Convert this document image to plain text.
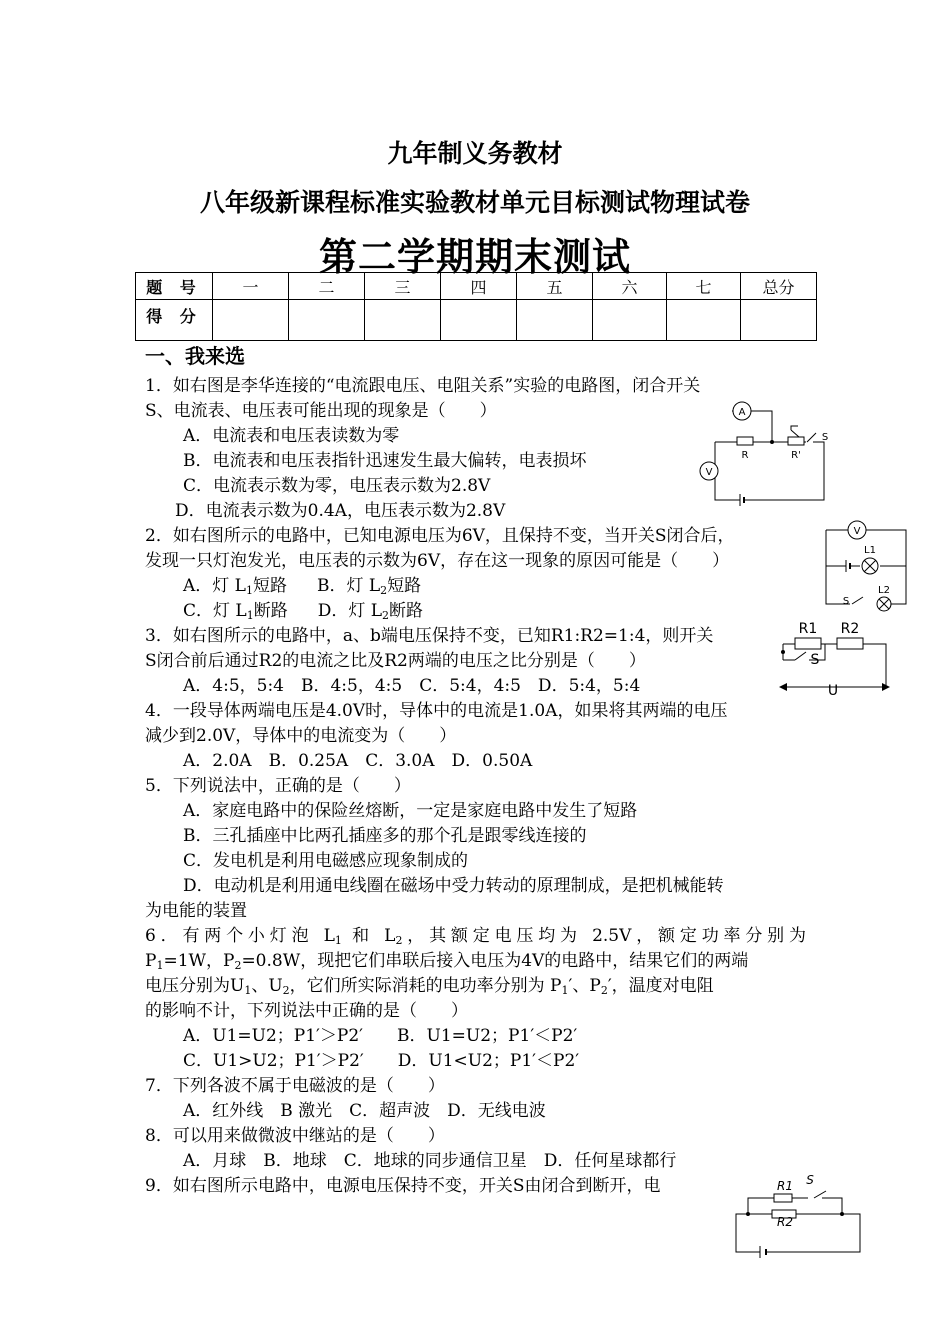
九年制义务教材
八年级新课程标准实验教材单元目标测试物理试卷
第二学期期末测试
题 号	一	二	三	四	五	六	七	总分
得 分								
一、我来选
1．如右图是李华连接的“电流跟电压、电阻关系”实验的电路图，闭合开关
S、电流表、电压表可能出现的现象是（　　）
A．电流表和电压表读数为零
B．电流表和电压表指针迅速发生最大偏转，电表损坏
C．电流表示数为零，电压表示数为2.8V
D．电流表示数为0.4A，电压表示数为2.8V
2．如右图所示的电路中，已知电源电压为6V，且保持不变，当开关S闭合后，
发现一只灯泡发光，电压表的示数为6V，存在这一现象的原因可能是（　　）
A．灯 $L_1$短路 B．灯 $L_2$短路
C．灯 $L_1$断路 D．灯 $L_2$断路
3．如右图所示的电路中，a、b端电压保持不变，已知R1:R2=1:4，则开关
S闭合前后通过R2的电流之比及R2两端的电压之比分别是（　　）
A．4:5，5:4　B．4:5，4:5　C．5:4，4:5　D．5:4，5:4
4．一段导体两端电压是4.0V时，导体中的电流是1.0A，如果将其两端的电压
减少到2.0V，导体中的电流变为（　　）
A．2.0A　B．0.25A　C．3.0A　D．0.50A
5．下列说法中，正确的是（　　）
A．家庭电路中的保险丝熔断，一定是家庭电路中发生了短路
B．三孔插座中比两孔插座多的那个孔是跟零线连接的
C．发电机是利用电磁感应现象制成的
D．电动机是利用通电线圈在磁场中受力转动的原理制成，是把机械能转
为电能的装置
6．有两个小灯泡 $L_1$ 和 $L_2$，其额定电压均为 2.5V，额定功率分别为
$P_1=1W$，$P_2=0.8W$，现把它们串联后接入电压为4V的电路中，结果它们的两端
电压分别为$U_1$、$U_2$，它们所实际消耗的电功率分别为 $P_1'$、$P_2'$，温度对电阻
的影响不计，下列说法中正确的是（　　）
A．U1=U2；P1′＞P2′　　B．U1=U2；P1′＜P2′
C．U1>U2；P1′＞P2′　　D．U1<U2；P1′＜P2′
7．下列各波不属于电磁波的是（　　）
A．红外线　B 激光　C．超声波　D．无线电波
8．可以用来做微波中继站的是（　　）
A．月球　B．地球　C．地球的同步通信卫星　D．任何星球都行
9．如右图所示电路中，电源电压保持不变，开关S由闭合到断开，电
A
V
R	R'
S
V
L1
L2
S
R1 R2
S
U
R1
R2
S
